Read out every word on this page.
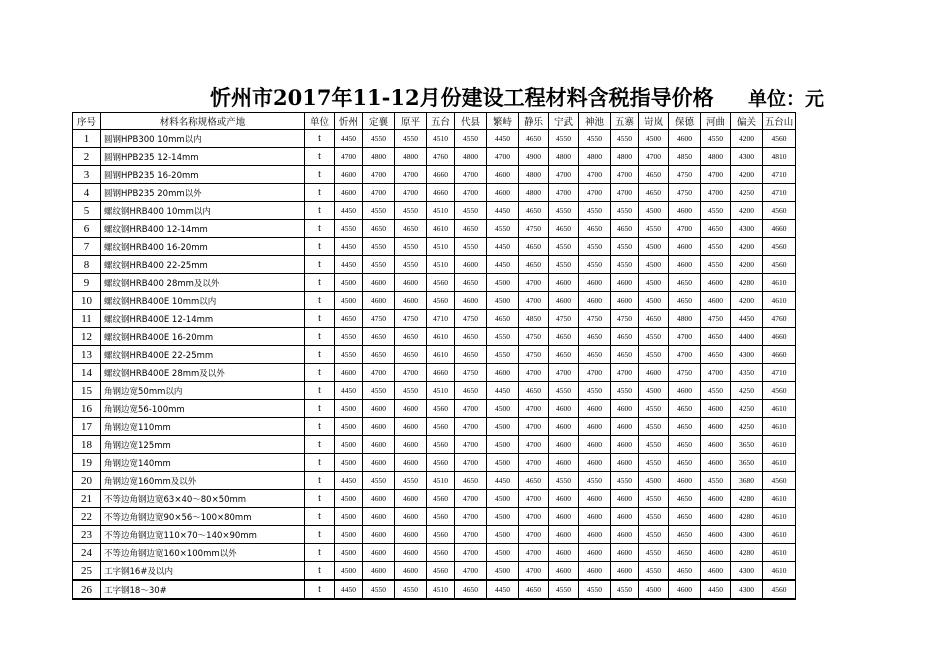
忻州市2017年11-12月份建设工程材料含税指导价格 单位：元
序号	材料名称规格或产地	单位	忻州	定襄	原平	五台	代县	繁峙	静乐	宁武	神池	五寨	岢岚	保德	河曲	偏关	五台山
1	圆钢HPB300 10mm以内	t	4450	4550	4550	4510	4550	4450	4650	4550	4550	4550	4500	4600	4550	4200	4560
2	圆钢HPB235 12-14mm	t	4700	4800	4800	4760	4800	4700	4900	4800	4800	4800	4700	4850	4800	4300	4810
3	圆钢HPB235 16-20mm	t	4600	4700	4700	4660	4700	4600	4800	4700	4700	4700	4650	4750	4700	4200	4710
4	圆钢HPB235 20mm以外	t	4600	4700	4700	4660	4700	4600	4800	4700	4700	4700	4650	4750	4700	4250	4710
5	螺纹钢HRB400 10mm以内	t	4450	4550	4550	4510	4550	4450	4650	4550	4550	4550	4500	4600	4550	4200	4560
6	螺纹钢HRB400 12-14mm	t	4550	4650	4650	4610	4650	4550	4750	4650	4650	4650	4550	4700	4650	4300	4660
7	螺纹钢HRB400 16-20mm	t	4450	4550	4550	4510	4550	4450	4650	4550	4550	4550	4500	4600	4550	4200	4560
8	螺纹钢HRB400 22-25mm	t	4450	4550	4550	4510	4600	4450	4650	4550	4550	4550	4500	4600	4550	4200	4560
9	螺纹钢HRB400 28mm及以外	t	4500	4600	4600	4560	4650	4500	4700	4600	4600	4600	4500	4650	4600	4280	4610
10	螺纹钢HRB400E 10mm以内	t	4500	4600	4600	4560	4600	4500	4700	4600	4600	4600	4500	4650	4600	4200	4610
11	螺纹钢HRB400E 12-14mm	t	4650	4750	4750	4710	4750	4650	4850	4750	4750	4750	4650	4800	4750	4450	4760
12	螺纹钢HRB400E 16-20mm	t	4550	4650	4650	4610	4650	4550	4750	4650	4650	4650	4550	4700	4650	4400	4660
13	螺纹钢HRB400E 22-25mm	t	4550	4650	4650	4610	4650	4550	4750	4650	4650	4650	4550	4700	4650	4300	4660
14	螺纹钢HRB400E 28mm及以外	t	4600	4700	4700	4660	4750	4600	4700	4700	4700	4700	4600	4750	4700	4350	4710
15	角钢边宽50mm以内	t	4450	4550	4550	4510	4650	4450	4650	4550	4550	4550	4500	4600	4550	4250	4560
16	角钢边宽56-100mm	t	4500	4600	4600	4560	4700	4500	4700	4600	4600	4600	4550	4650	4600	4250	4610
17	角钢边宽110mm	t	4500	4600	4600	4560	4700	4500	4700	4600	4600	4600	4550	4650	4600	4250	4610
18	角钢边宽125mm	t	4500	4600	4600	4560	4700	4500	4700	4600	4600	4600	4550	4650	4600	3650	4610
19	角钢边宽140mm	t	4500	4600	4600	4560	4700	4500	4700	4600	4600	4600	4550	4650	4600	3650	4610
20	角钢边宽160mm及以外	t	4450	4550	4550	4510	4650	4450	4650	4550	4550	4550	4500	4600	4550	3680	4560
21	不等边角钢边宽63×40～80×50mm	t	4500	4600	4600	4560	4700	4500	4700	4600	4600	4600	4550	4650	4600	4280	4610
22	不等边角钢边宽90×56～100×80mm	t	4500	4600	4600	4560	4700	4500	4700	4600	4600	4600	4550	4650	4600	4280	4610
23	不等边角钢边宽110×70～140×90mm	t	4500	4600	4600	4560	4700	4500	4700	4600	4600	4600	4550	4650	4600	4300	4610
24	不等边角钢边宽160×100mm以外	t	4500	4600	4600	4560	4700	4500	4700	4600	4600	4600	4550	4650	4600	4280	4610
25	工字钢16#及以内	t	4500	4600	4600	4560	4700	4500	4700	4600	4600	4600	4550	4650	4600	4300	4610
26	工字钢18～30#	t	4450	4550	4550	4510	4650	4450	4650	4550	4550	4550	4500	4600	4450	4300	4560
